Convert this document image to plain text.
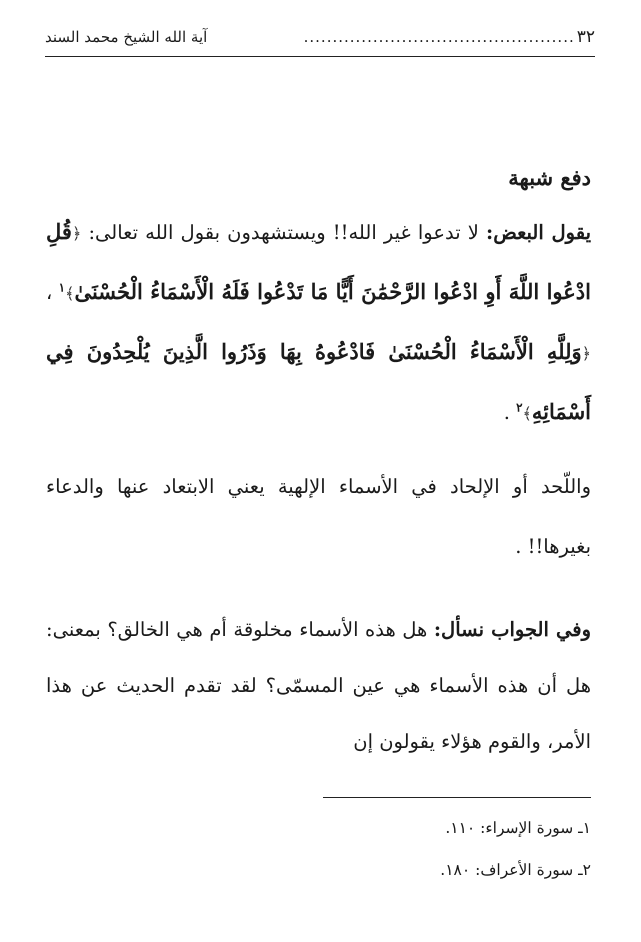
٣٢
...............................................
آية الله الشيخ محمد السند
دفع شبهة

يقول البعض: لا تدعوا غير الله!! ويستشهدون بقول الله تعالى: ﴿قُلِ ادْعُوا اللَّهَ أَوِ ادْعُوا الرَّحْمَٰنَ أَيًّا مَا تَدْعُوا فَلَهُ الْأَسْمَاءُ الْحُسْنَىٰ﴾$^١$ ، ﴿وَلِلَّهِ الْأَسْمَاءُ الْحُسْنَىٰ فَادْعُوهُ بِهَا وَذَرُوا الَّذِينَ يُلْحِدُونَ فِي أَسْمَائِهِ﴾$^٢$ .

واللّحد أو الإلحاد في الأسماء الإلهية يعني الابتعاد عنها والدعاء بغيرها!! .

وفي الجواب نسأل: هل هذه الأسماء مخلوقة أم هي الخالق؟ بمعنى: هل أن هذه الأسماء هي عين المسمّى؟ لقد تقدم الحديث عن هذا الأمر، والقوم هؤلاء يقولون إن

١ـ سورة الإسراء: ١١٠.

٢ـ سورة الأعراف: ١٨٠.
